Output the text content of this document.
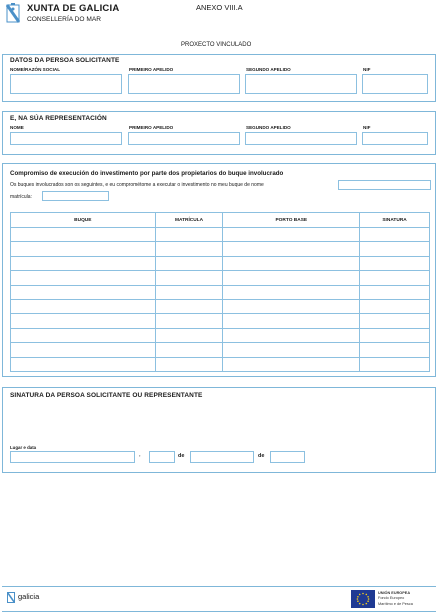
XUNTA DE GALICIA
CONSELLERÍA DO MAR
ANEXO VIII.A
PROXECTO VINCULADO
DATOS DA PERSOA SOLICITANTE
NOME/RAZÓN SOCIAL	PRIMEIRO APELIDO	SEGUNDO APELIDO	NIF
E, NA SÚA REPRESENTACIÓN
NOME	PRIMEIRO APELIDO	SEGUNDO APELIDO	NIF
Compromiso de execución do investimento por parte dos propietarios do buque involucrado
Os buques involucrados son os seguintes, e eu comprométome a executar o investimento no meu buque de nome
matrícula:
BUQUE	MATRÍCULA	PORTO BASE	SINATURA

SINATURA DA PERSOA SOLICITANTE OU REPRESENTANTE
Lugar e data
,	de	de
galicia	UNIÓN EUROPEA
Fondo Europeo
Marítimo e de Pesca
